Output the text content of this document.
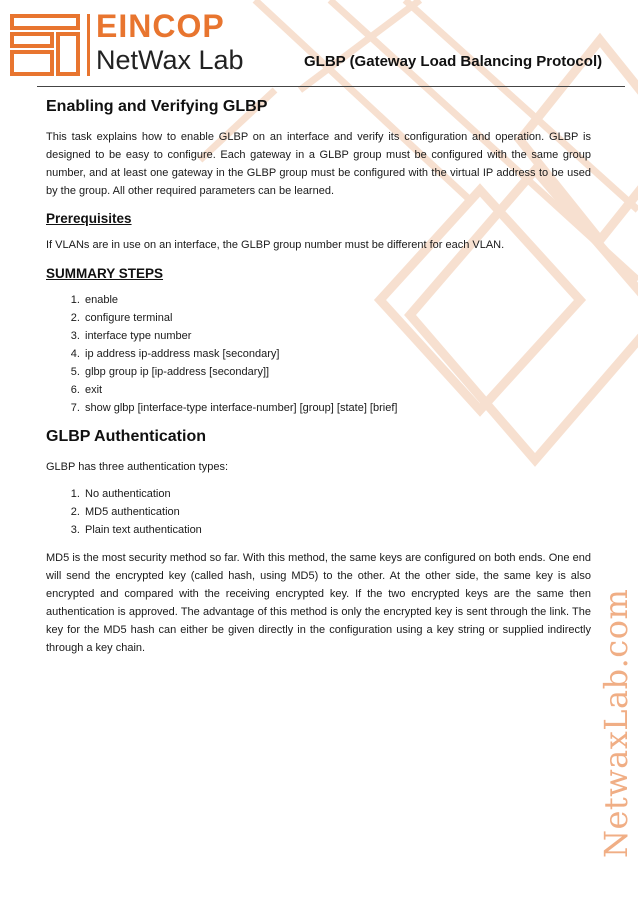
EINCOP
NetWax Lab	GLBP (Gateway Load Balancing Protocol)
Enabling and Verifying GLBP

This task explains how to enable GLBP on an interface and verify its configuration and operation. GLBP is designed to be easy to configure. Each gateway in a GLBP group must be configured with the same group number, and at least one gateway in the GLBP group must be configured with the virtual IP address to be used by the group. All other required parameters can be learned.

Prerequisites

If VLANs are in use on an interface, the GLBP group number must be different for each VLAN.

SUMMARY STEPS
1. enable
2. configure terminal
3. interface type number
4. ip address ip-address mask [secondary]
5. glbp group ip [ip-address [secondary]]
6. exit
7. show glbp [interface-type interface-number] [group] [state] [brief]
GLBP Authentication

GLBP has three authentication types:

1. No authentication
2. MD5 authentication
3. Plain text authentication

MD5 is the most security method so far. With this method, the same keys are configured on both ends. One end will send the encrypted key (called hash, using MD5) to the other. At the other side, the same key is also encrypted and compared with the receiving encrypted key. If the two encrypted keys are the same then authentication is approved. The advantage of this method is only the encrypted key is sent through the link. The key for the MD5 hash can either be given directly in the configuration using a key string or supplied indirectly through a key chain.	NetwaxLab.com
